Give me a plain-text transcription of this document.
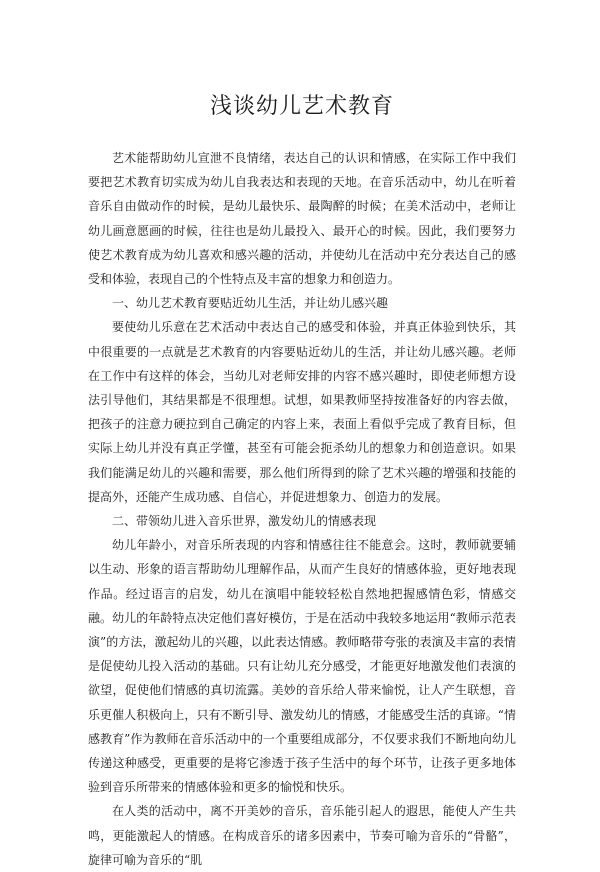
浅谈幼儿艺术教育

艺术能帮助幼儿宣泄不良情绪，表达自己的认识和情感，在实际工作中我们要把艺术教育切实成为幼儿自我表达和表现的天地。在音乐活动中，幼儿在听着音乐自由做动作的时候，是幼儿最快乐、最陶醉的时候；在美术活动中，老师让幼儿画意愿画的时候，往往也是幼儿最投入、最开心的时候。因此，我们要努力使艺术教育成为幼儿喜欢和感兴趣的活动，并使幼儿在活动中充分表达自己的感受和体验，表现自己的个性特点及丰富的想象力和创造力。

一、幼儿艺术教育要贴近幼儿生活，并让幼儿感兴趣

要使幼儿乐意在艺术活动中表达自己的感受和体验，并真正体验到快乐，其中很重要的一点就是艺术教育的内容要贴近幼儿的生活，并让幼儿感兴趣。老师在工作中有这样的体会，当幼儿对老师安排的内容不感兴趣时，即使老师想方设法引导他们，其结果都是不很理想。试想，如果教师坚持按准备好的内容去做，把孩子的注意力硬拉到自己确定的内容上来，表面上看似乎完成了教育目标，但实际上幼儿并没有真正学懂，甚至有可能会扼杀幼儿的想象力和创造意识。如果我们能满足幼儿的兴趣和需要，那么他们所得到的除了艺术兴趣的增强和技能的提高外，还能产生成功感、自信心，并促进想象力、创造力的发展。

二、带领幼儿进入音乐世界，激发幼儿的情感表现

幼儿年龄小，对音乐所表现的内容和情感往往不能意会。这时，教师就要辅以生动、形象的语言帮助幼儿理解作品，从而产生良好的情感体验，更好地表现作品。经过语言的启发，幼儿在演唱中能较轻松自然地把握感情色彩，情感交融。幼儿的年龄特点决定他们喜好模仿，于是在活动中我较多地运用“教师示范表演”的方法，激起幼儿的兴趣，以此表达情感。教师略带夸张的表演及丰富的表情是促使幼儿投入活动的基础。只有让幼儿充分感受，才能更好地激发他们表演的欲望，促使他们情感的真切流露。美妙的音乐给人带来愉悦，让人产生联想，音乐更催人积极向上，只有不断引导、激发幼儿的情感，才能感受生活的真谛。“情感教育”作为教师在音乐活动中的一个重要组成部分，不仅要求我们不断地向幼儿传递这种感受，更重要的是将它渗透于孩子生活中的每个环节，让孩子更多地体验到音乐所带来的情感体验和更多的愉悦和快乐。

在人类的活动中，离不开美妙的音乐，音乐能引起人的遐思，能使人产生共鸣，更能激起人的情感。在构成音乐的诸多因素中，节奏可喻为音乐的“骨骼”，旋律可喻为音乐的“肌
